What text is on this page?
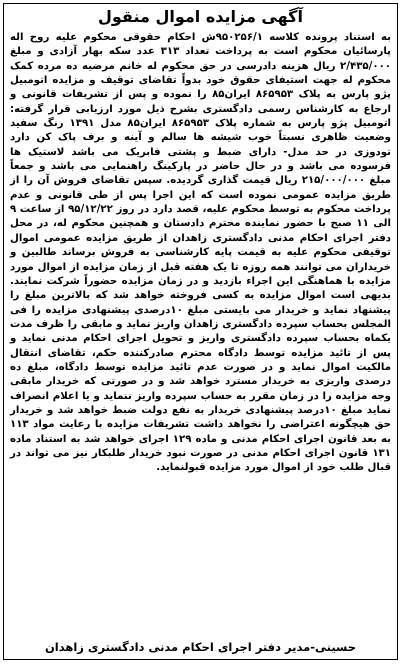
آگهی مزایده اموال منقول
به استناد پرونده کلاسه ۹۵۰۲۵۶/۱ش احکام حقوقی محکوم علیه روح اله پارسائیان محکوم است به پرداخت تعداد ۳۱۳ عدد سکه بهار آزادی و مبلغ ۲/۴۳۵/۰۰۰ ریال هزینه دادرسی در حق محکوم له خانم مرضیه ده مرده کمک محکوم له جهت استیفای حقوق خود بدواً تقاضای توقیف و مزایده اتومبیل پژو پارس به پلاک ۸۶۵۹۵۳ ایران۸۵ را نموده و پس از تشریفات قانونی و ارجاع به کارشناس رسمی دادگستری بشرح ذیل مورد ارزیابی قرار گرفته: اتومبیل پژو پارس به شماره پلاک ۸۶۵۹۵۳ ایران۸۵ مدل ۱۳۹۱ رنگ سفید وضعیت ظاهری نسبتاً خوب شیشه ها سالم و آینه و برف پاک کن دارد تودوزی در حد مدل- دارای ضبط و پشتی فابریک می باشد لاستیک ها فرسوده می باشد و در حال حاضر در پارکینگ راهنمایی می باشد و جمعاً مبلغ ۲۱۵/۰۰۰/۰۰۰ ریال قیمت گذاری گردیده. سپس تقاضای فروش آن را از طریق مزایده عمومی نموده است که این اجرا پس از طی قانونی و عدم پرداخت محکوم به توسط محکوم علیه، قصد دارد در روز ۹۵/۱۲/۲۲ از ساعت ۹ الی ۱۱ صبح با حضور نماینده محترم دادستان و همچنین محکوم له، در محل دفتر اجرای احکام مدنی دادگستری زاهدان از طریق مزایده عمومی اموال توقیفی محکوم علیه به قیمت پایه کارشناسی به فروش برساند طالبین و خریداران می توانند همه روزه تا یک هفته قبل از زمان مزایده از اموال مورد مزایده با هماهنگی این اجراء بازدید و در زمان مزایده حضوراً شرکت نمایند. بدیهی است اموال مزایده به کسی فروخته خواهد شد که بالاترین مبلغ را پیشنهاد نماید و خریدار می بایستی مبلغ ۱۰درصدی پیشنهادی مزایده را فی المجلس بحساب سپرده دادگستری زاهدان واریز نماید و مابقی را ظرف مدت یکماه بحساب سپرده دادگستری واریز و تحویل اجرای احکام مدنی نماید و پس از تائید مزایده توسط دادگاه محترم صادرکننده حکم، تقاضای انتقال مالکیت اموال نماید و در صورت عدم تائید مزایده توسط دادگاه، مبلغ ده درصدی واریزی به خریدار مسترد خواهد شد و در صورتی که خریدار مابقی وجه مزایده را در زمان مقرر به حساب سپرده واریز ننماید و یا اعلام انصراف نماید مبلغ ۱۰درصد پیشنهادی خریدار به نفع دولت ضبط خواهد شد و خریدار حق هیچگونه اعتراضی را نخواهد داشت تشریفات مزایده با رعایت مواد ۱۱۳ به بعد قانون اجرای احکام مدنی و ماده ۱۲۹ اجرای خواهد شد به استناد ماده ۱۳۱ قانون اجرای احکام مدنی در صورت نبود خریدار طلبکار نیز می تواند در قبال طلب خود از اموال مورد مزایده قبولنماید.
حسینی-مدیر دفتر اجرای احکام مدنی دادگستری زاهدان
